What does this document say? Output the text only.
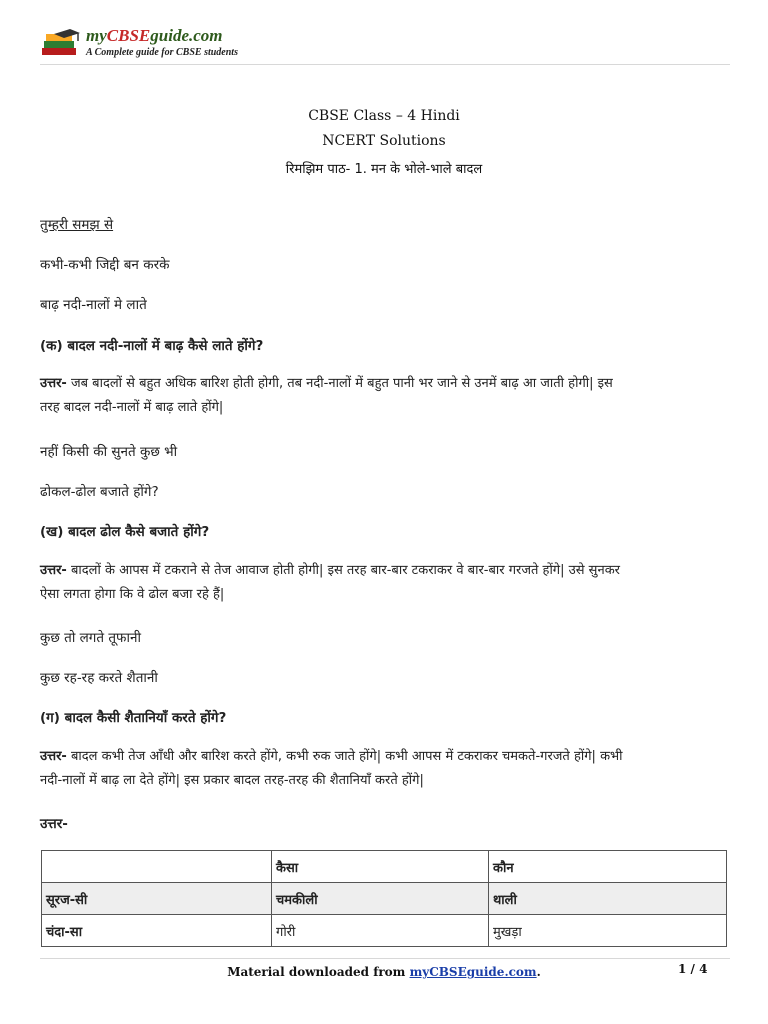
myCBSEguide.com
A Complete guide for CBSE students
CBSE Class – 4 Hindi
NCERT Solutions
रिमझिम पाठ- 1. मन के भोले-भाले बादल
तुम्हरी समझ से
कभी-कभी जिद्दी बन करके
बाढ़ नदी-नालों मे लाते
(क) बादल नदी-नालों में बाढ़ कैसे लाते होंगे?
उत्तर- जब बादलों से बहुत अधिक बारिश होती होगी, तब नदी-नालों में बहुत पानी भर जाने से उनमें बाढ़ आ जाती होगी| इस
तरह बादल नदी-नालों में बाढ़ लाते होंगे|
नहीं किसी की सुनते कुछ भी
ढोकल-ढोल बजाते होंगे?
(ख) बादल ढोल कैसे बजाते होंगे?
उत्तर- बादलों के आपस में टकराने से तेज आवाज होती होगी| इस तरह बार-बार टकराकर वे बार-बार गरजते होंगे| उसे सुनकर
ऐसा लगता होगा कि वे ढोल बजा रहे हैं|
कुछ तो लगते तूफानी
कुछ रह-रह करते शैतानी
(ग) बादल कैसी शैतानियाँ करते होंगे?
उत्तर- बादल कभी तेज आँधी और बारिश करते होंगे, कभी रुक जाते होंगे| कभी आपस में टकराकर चमकते-गरजते होंगे| कभी
नदी-नालों में बाढ़ ला देते होंगे| इस प्रकार बादल तरह-तरह की शैतानियाँ करते होंगे|
उत्तर-
	कैसा	कौन
सूरज-सी	चमकीली	थाली
चंदा-सा	गोरी	मुखड़ा
Material downloaded from myCBSEguide.com.	1 / 4
